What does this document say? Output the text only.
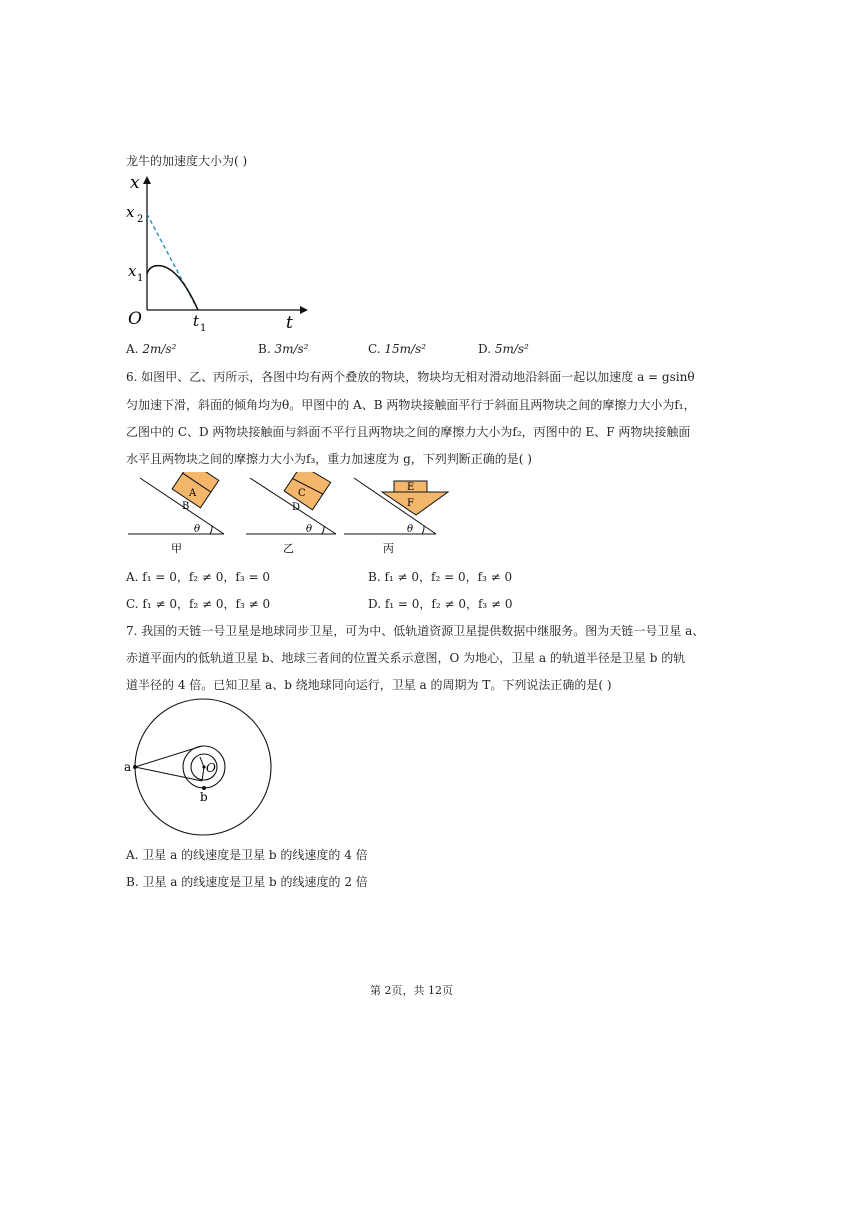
龙牛的加速度大小为( )
x
x 2
x 1
O	t 1	t
A. 2m/s²	B. 3m/s²	C. 15m/s²	D. 5m/s²
6. 如图甲、乙、丙所示，各图中均有两个叠放的物块，物块均无相对滑动地沿斜面一起以加速度 a = gsinθ
匀加速下滑，斜面的倾角均为θ。甲图中的 A、B 两物块接触面平行于斜面且两物块之间的摩擦力大小为f₁，
乙图中的 C、D 两物块接触面与斜面不平行且两物块之间的摩擦力大小为f₂，丙图中的 E、F 两物块接触面
水平且两物块之间的摩擦力大小为f₃，重力加速度为 g，下列判断正确的是( )
A
B
θ
甲
C
D
θ
乙
E
F
θ
丙
A. f₁ = 0，f₂ ≠ 0，f₃ = 0	B. f₁ ≠ 0，f₂ = 0，f₃ ≠ 0
C. f₁ ≠ 0，f₂ ≠ 0，f₃ ≠ 0	D. f₁ = 0，f₂ ≠ 0，f₃ ≠ 0
7. 我国的天链一号卫星是地球同步卫星，可为中、低轨道资源卫星提供数据中继服务。图为天链一号卫星 a、
赤道平面内的低轨道卫星 b、地球三者间的位置关系示意图，O 为地心，卫星 a 的轨道半径是卫星 b 的轨
道半径的 4 倍。已知卫星 a、b 绕地球同向运行，卫星 a 的周期为 T。下列说法正确的是( )
a
b
O
A. 卫星 a 的线速度是卫星 b 的线速度的 4 倍
B. 卫星 a 的线速度是卫星 b 的线速度的 2 倍
第 2页，共 12页
